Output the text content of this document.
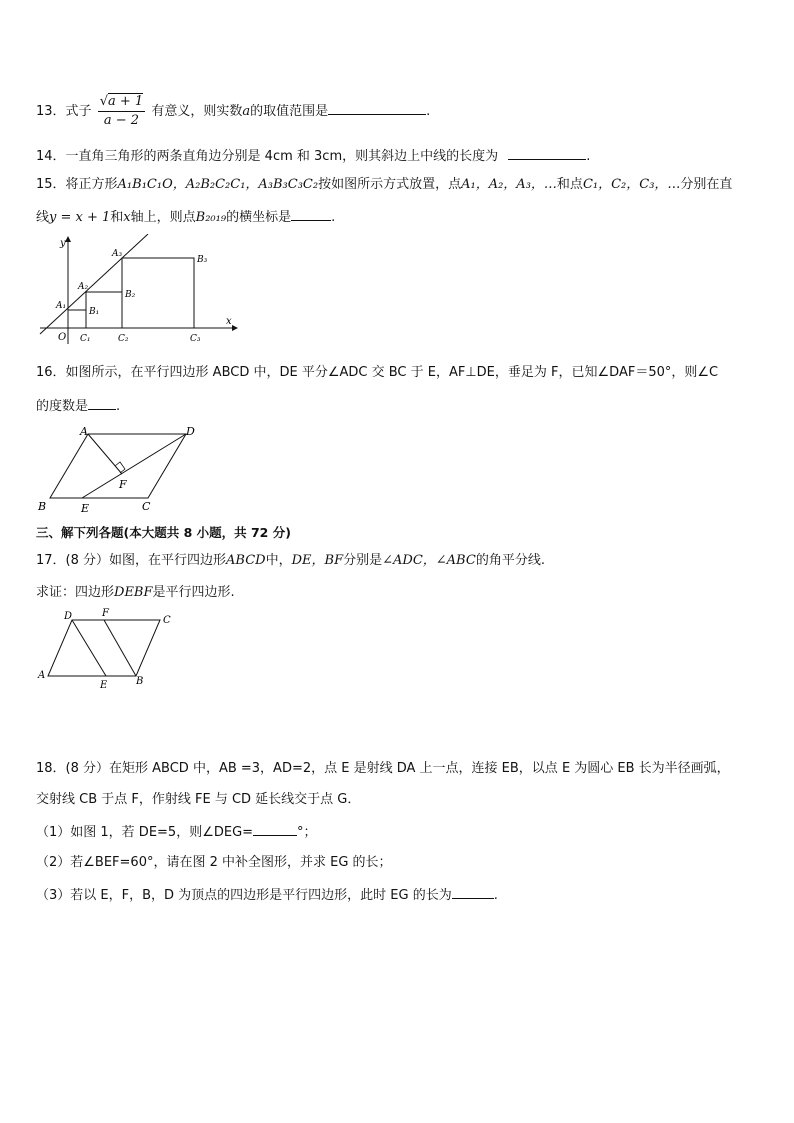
13．式子 $\frac{√a + 1}{a - 2}$ 有意义，则实数a的取值范围是	.
14．一直角三角形的两条直角边分别是 4cm 和 3cm，则其斜边上中线的长度为	.
15．将正方形A₁B₁C₁O，A₂B₂C₂C₁，A₃B₃C₃C₂按如图所示方式放置，点A₁，A₂，A₃，…和点C₁，C₂，C₃，…分别在直
线y = x + 1和x轴上，则点B₂₀₁₉的横坐标是	.
y
x
O
A₁
A₂
A₃
B₁
B₂
B₃
C₁	C₂	C₃
16．如图所示，在平行四边形 ABCD 中，DE 平分∠ADC 交 BC 于 E，AF⊥DE，垂足为 F，已知∠DAF＝50°，则∠C
的度数是 .
A	D
B	C
E
F
三、解下列各题(本大题共 8 小题，共 72 分)
17．(8 分）如图，在平行四边形ABCD中，DE，BF分别是∠ADC，∠ABC的角平分线.
求证：四边形DEBF是平行四边形.
D	F
C
A
E	B
18．(8 分）在矩形 ABCD 中，AB =3，AD=2，点 E 是射线 DA 上一点，连接 EB，以点 E 为圆心 EB 长为半径画弧，
交射线 CB 于点 F，作射线 FE 与 CD 延长线交于点 G．
（1）如图 1，若 DE=5，则∠DEG=	°；
（2）若∠BEF=60°，请在图 2 中补全图形，并求 EG 的长；
（3）若以 E，F，B，D 为顶点的四边形是平行四边形，此时 EG 的长为	.
